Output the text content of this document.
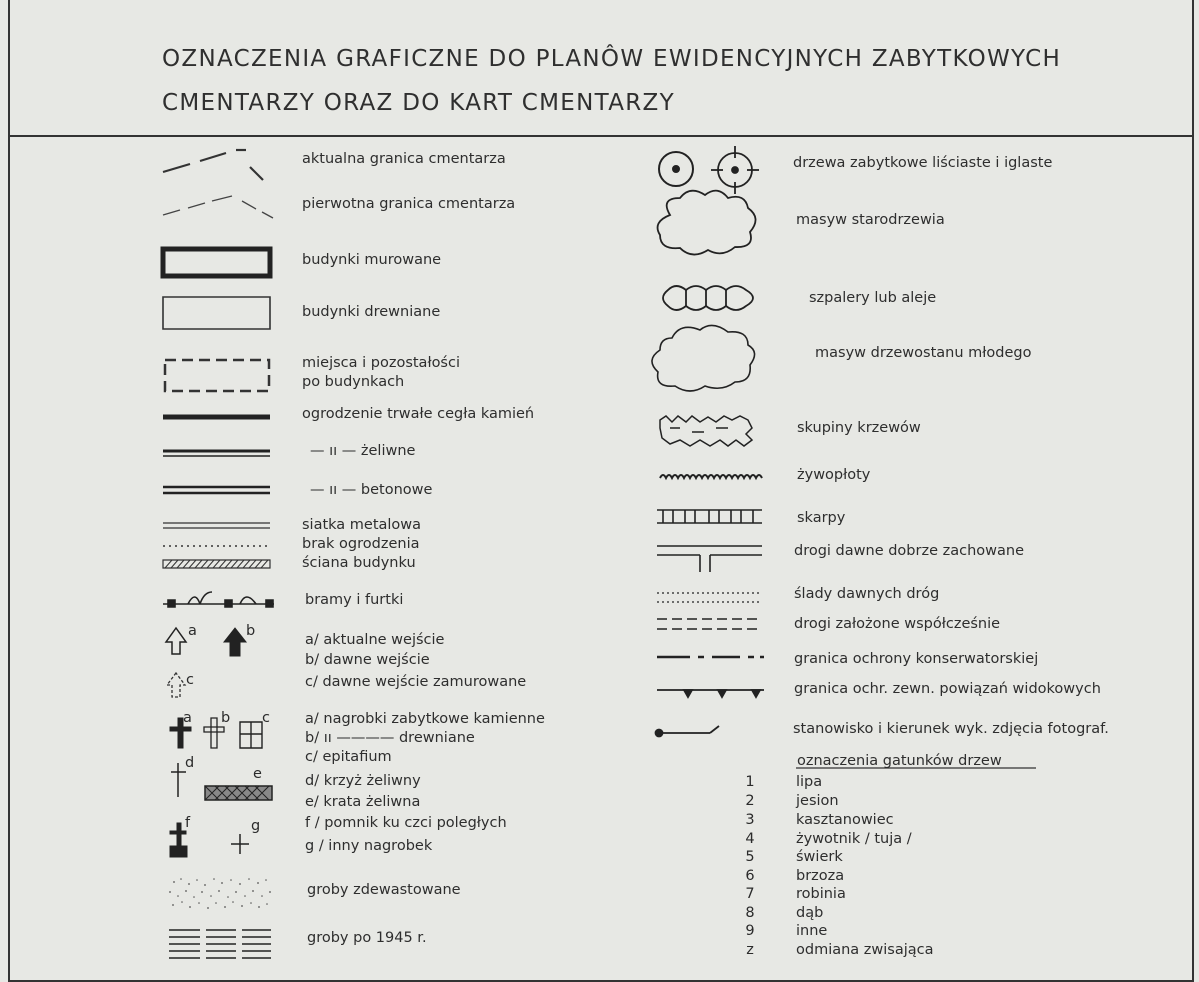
OZNACZENIA GRAFICZNE DO PLANÔW EWIDENCYJNYCH ZABYTKOWYCH
CMENTARZY ORAZ DO KART CMENTARZY
a	b
c
a b c
d
e
f	g
aktualna granica cmentarza
pierwotna granica cmentarza
budynki murowane
budynki drewniane
miejsca i pozostałości
po budynkach
ogrodzenie trwałe cegła kamień
— ıı — żeliwne
— ıı — betonowe
siatka metalowa
brak ogrodzenia
ściana budynku
bramy i furtki
a/ aktualne wejście
b/ dawne wejście
c/ dawne wejście zamurowane
a/ nagrobki zabytkowe kamienne
b/ ıı ———— drewniane
c/ epitafium
d/ krzyż żeliwny
e/ krata żeliwna
f / pomnik ku czci poległych
g / inny nagrobek
groby zdewastowane
groby po 1945 r.
drzewa zabytkowe liściaste i iglaste
masyw starodrzewia
szpalery lub aleje
masyw drzewostanu młodego
skupiny krzewów
żywopłoty
skarpy
drogi dawne dobrze zachowane
ślady dawnych dróg
drogi założone współcześnie
granica ochrony konserwatorskiej
granica ochr. zewn. powiązań widokowych
stanowisko i kierunek wyk. zdjęcia fotograf.
oznaczenia gatunków drzew
1	lipa
2	jesion
3	kasztanowiec
4	żywotnik / tuja /
5	świerk
6	brzoza
7	robinia
8	dąb
9	inne
z	odmiana zwisająca
